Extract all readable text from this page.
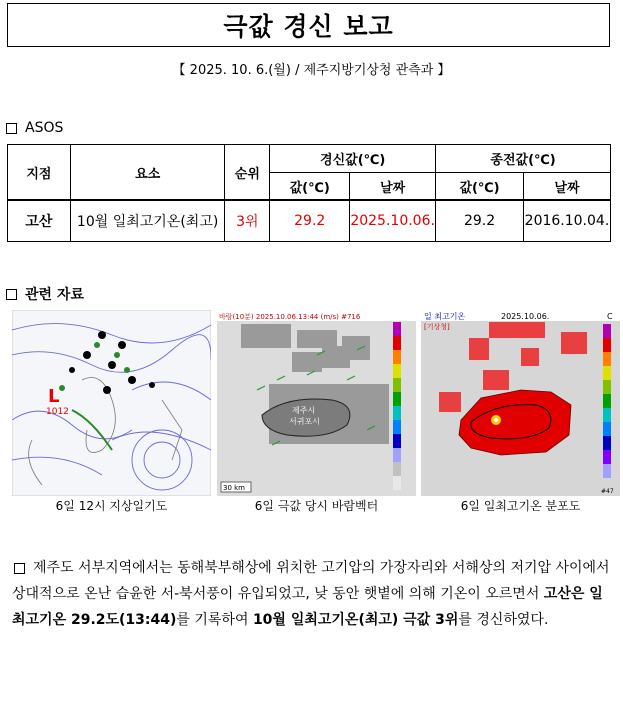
극값 경신 보고
【 2025. 10. 6.(월) / 제주지방기상청 관측과 】
ASOS
지점	요소	순위	경신값(℃)		종전값(℃)	
			값(℃)	날짜	값(℃)	날짜
고산	10월 일최고기온(최고)	3위	29.2	2025.10.06.	29.2	2016.10.04.
관련 자료
L
1012
6일 12시 지상일기도
바람(10분) 2025.10.06.13:44 (m/s) #716
제주시
서귀포시
30 km
6일 극값 당시 바람벡터
일 최고기온	2025.10.06.	C
[기상청]
#47
6일 일최고기온 분포도
제주도 서부지역에서는 동해북부해상에 위치한 고기압의 가장자리와 서해상의 저기압 사이에서 상대적으로 온난 습윤한 서-북서풍이 유입되었고, 낮 동안 햇볕에 의해 기온이 오르면서 고산은 일최고기온 29.2도(13:44)를 기록하여 10월 일최고기온(최고) 극값 3위를 경신하였다.
